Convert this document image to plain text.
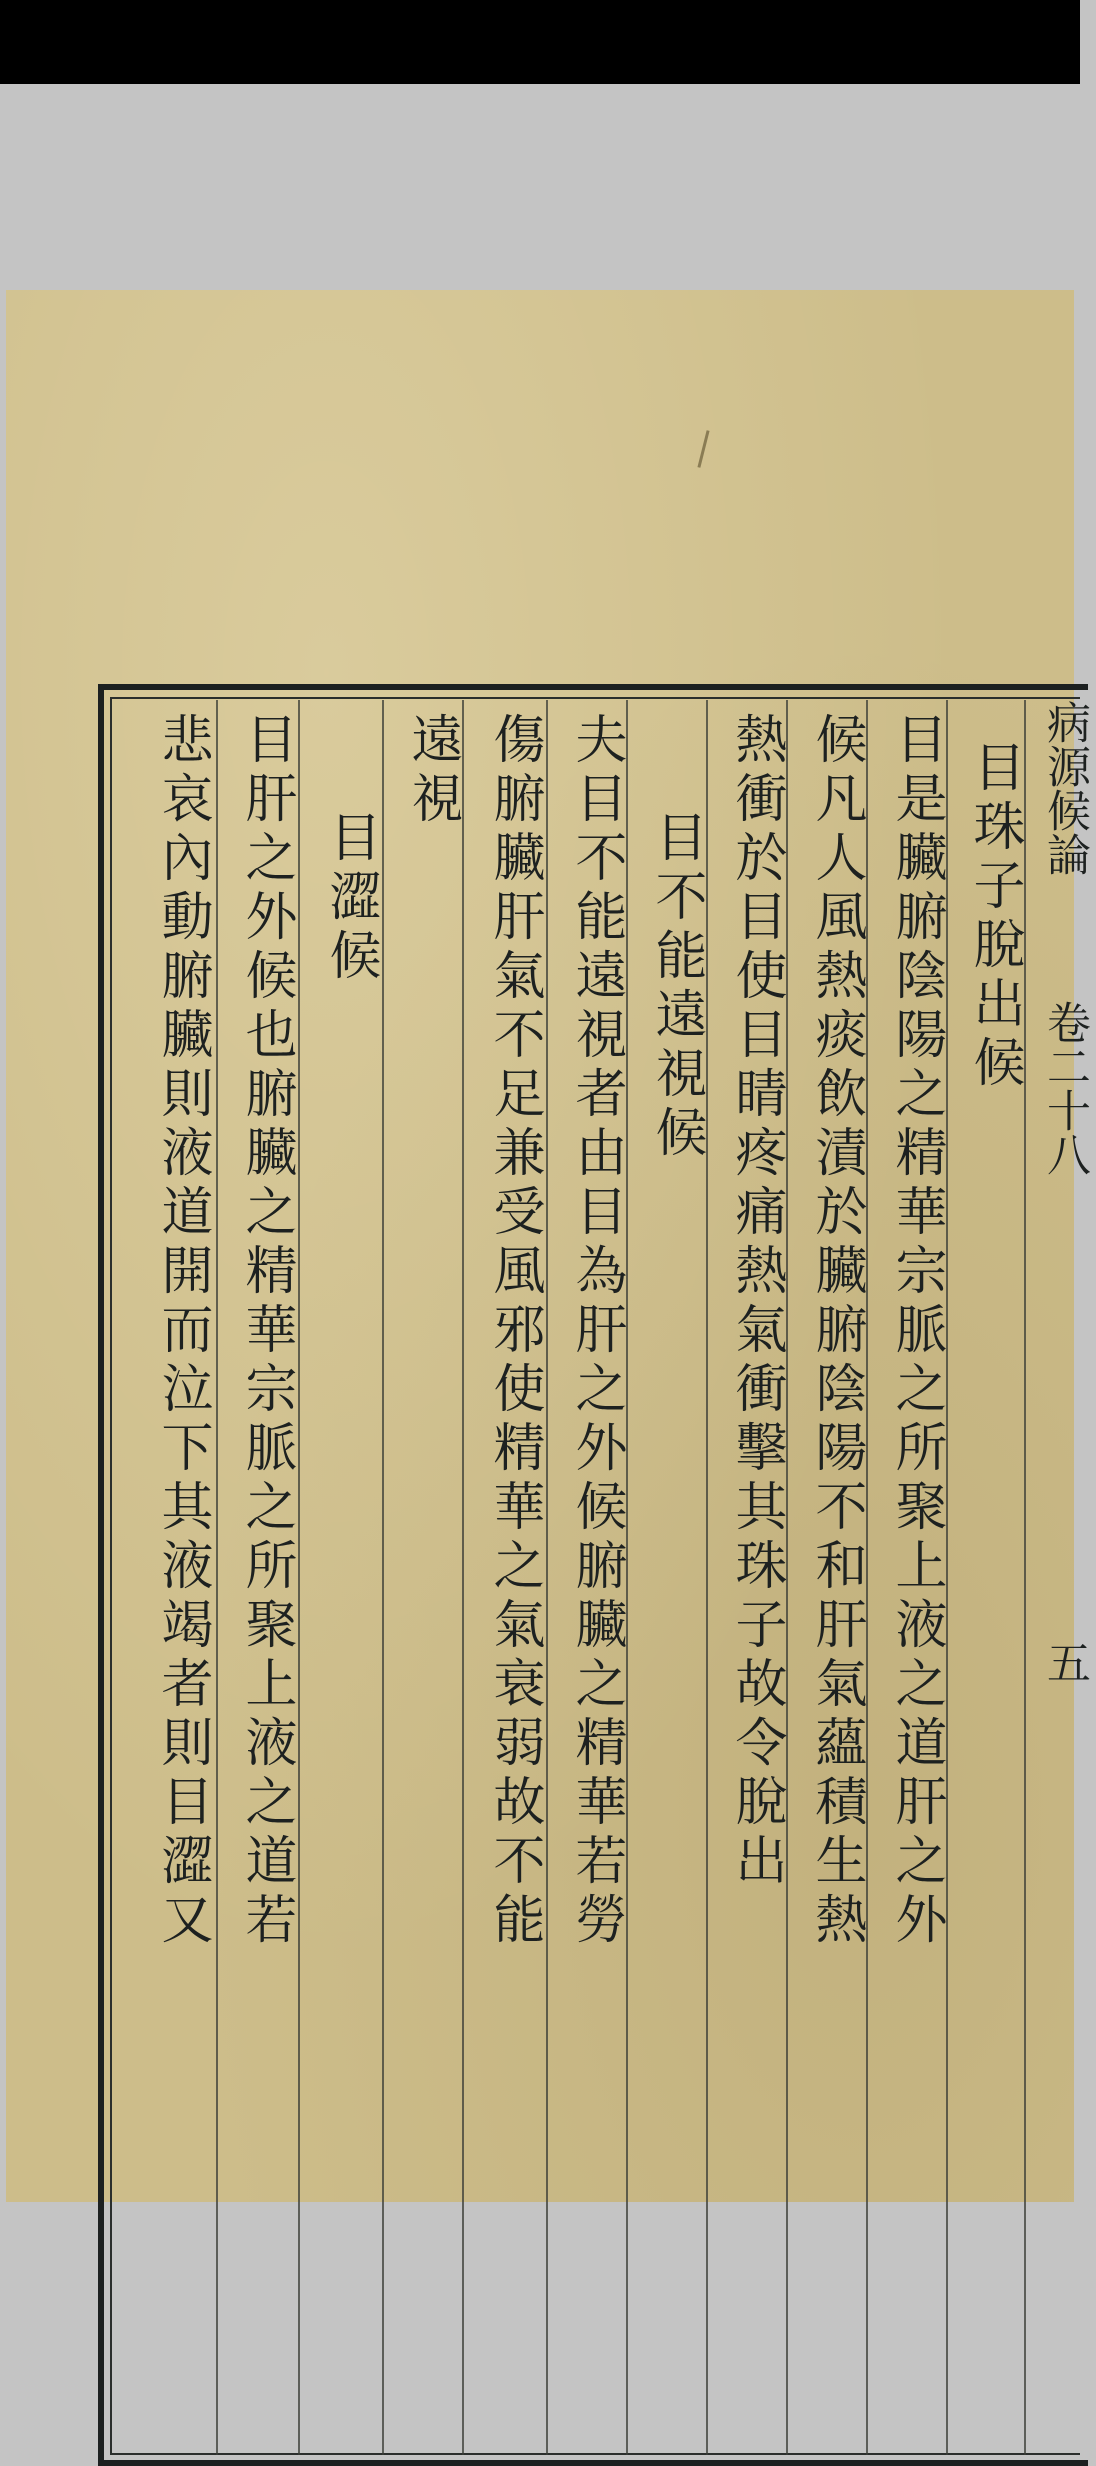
病源候論
卷二十八
五
目珠子脫出候
目是臟腑陰陽之精華宗脈之所聚上液之道肝之外
候凡人風熱痰飲漬於臟腑陰陽不和肝氣蘊積生熱
熱衝於目使目睛疼痛熱氣衝擊其珠子故令脫出
目不能遠視候
夫目不能遠視者由目為肝之外候腑臟之精華若勞
傷腑臟肝氣不足兼受風邪使精華之氣衰弱故不能
遠視
目澀候
目肝之外候也腑臟之精華宗脈之所聚上液之道若
悲哀內動腑臟則液道開而泣下其液竭者則目澀又
